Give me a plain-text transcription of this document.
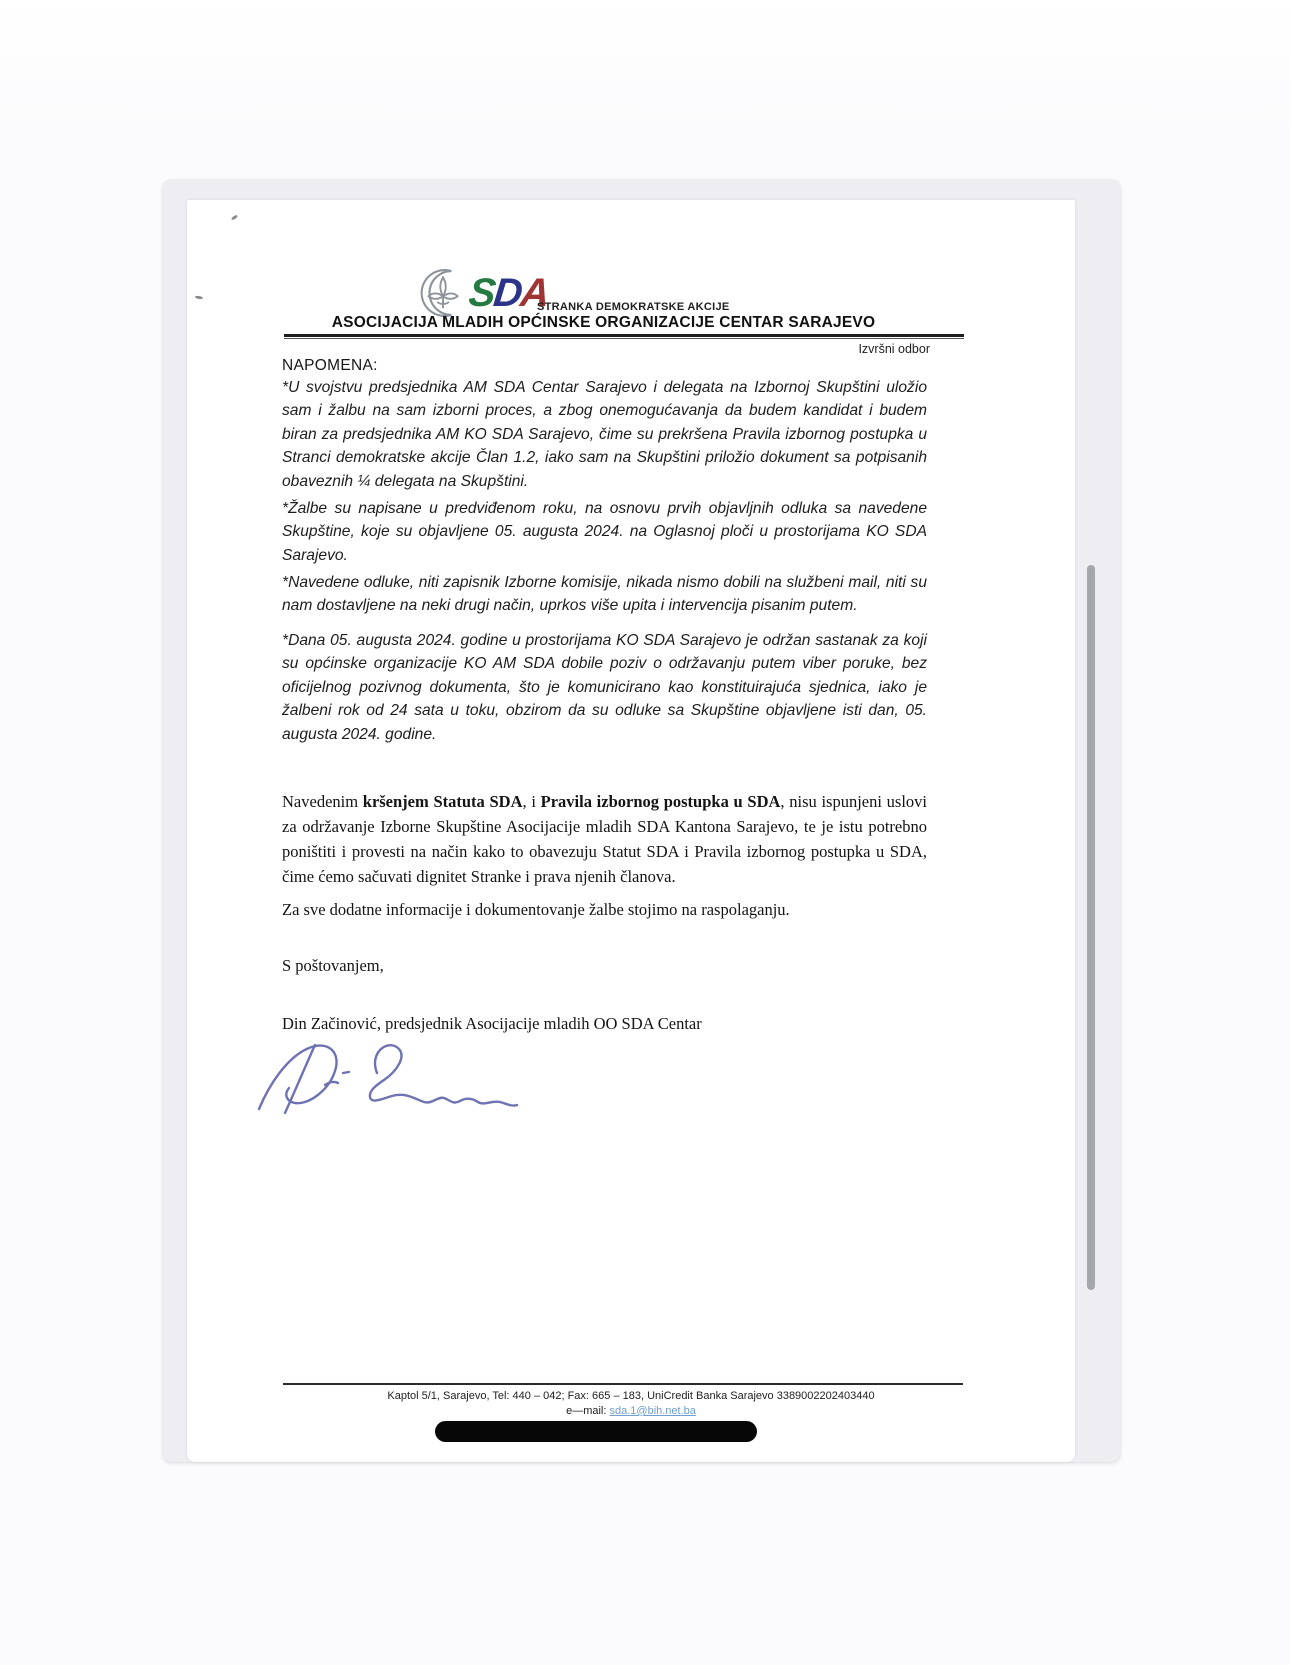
SDA
STRANKA DEMOKRATSKE AKCIJE
ASOCIJACIJA MLADIH OPĆINSKE ORGANIZACIJE CENTAR SARAJEVO
Izvršni odbor
NAPOMENA:
*U svojstvu predsjednika AM SDA Centar Sarajevo i delegata na Izbornoj Skupštini uložio sam i žalbu na sam izborni proces, a zbog onemogućavanja da budem kandidat i budem biran za predsjednika AM KO SDA Sarajevo, čime su prekršena Pravila izbornog postupka u Stranci demokratske akcije Član 1.2, iako sam na Skupštini priložio dokument sa potpisanih obaveznih ¼ delegata na Skupštini.
*Žalbe su napisane u predviđenom roku, na osnovu prvih objavljnih odluka sa navedene Skupštine, koje su objavljene 05. augusta 2024. na Oglasnoj ploči u prostorijama KO SDA Sarajevo.
*Navedene odluke, niti zapisnik Izborne komisije, nikada nismo dobili na službeni mail, niti su nam dostavljene na neki drugi način, uprkos više upita i intervencija pisanim putem.
*Dana 05. augusta 2024. godine u prostorijama KO SDA Sarajevo je održan sastanak za koji su općinske organizacije KO AM SDA dobile poziv o održavanju putem viber poruke, bez oficijelnog pozivnog dokumenta, što je komunicirano kao konstituirajuća sjednica, iako je žalbeni rok od 24 sata u toku, obzirom da su odluke sa Skupštine objavljene isti dan, 05. augusta 2024. godine.
Navedenim kršenjem Statuta SDA, i Pravila izbornog postupka u SDA, nisu ispunjeni uslovi za održavanje Izborne Skupštine Asocijacije mladih SDA Kantona Sarajevo, te je istu potrebno poništiti i provesti na način kako to obavezuju Statut SDA i Pravila izbornog postupka u SDA, čime ćemo sačuvati dignitet Stranke i prava njenih članova.
Za sve dodatne informacije i dokumentovanje žalbe stojimo na raspolaganju.
S poštovanjem,
Din Začinović, predsjednik Asocijacije mladih OO SDA Centar
Kaptol 5/1, Sarajevo, Tel: 440 – 042; Fax: 665 – 183, UniCredit Banka Sarajevo 3389002202403440
e—mail: sda.1@bih.net.ba
